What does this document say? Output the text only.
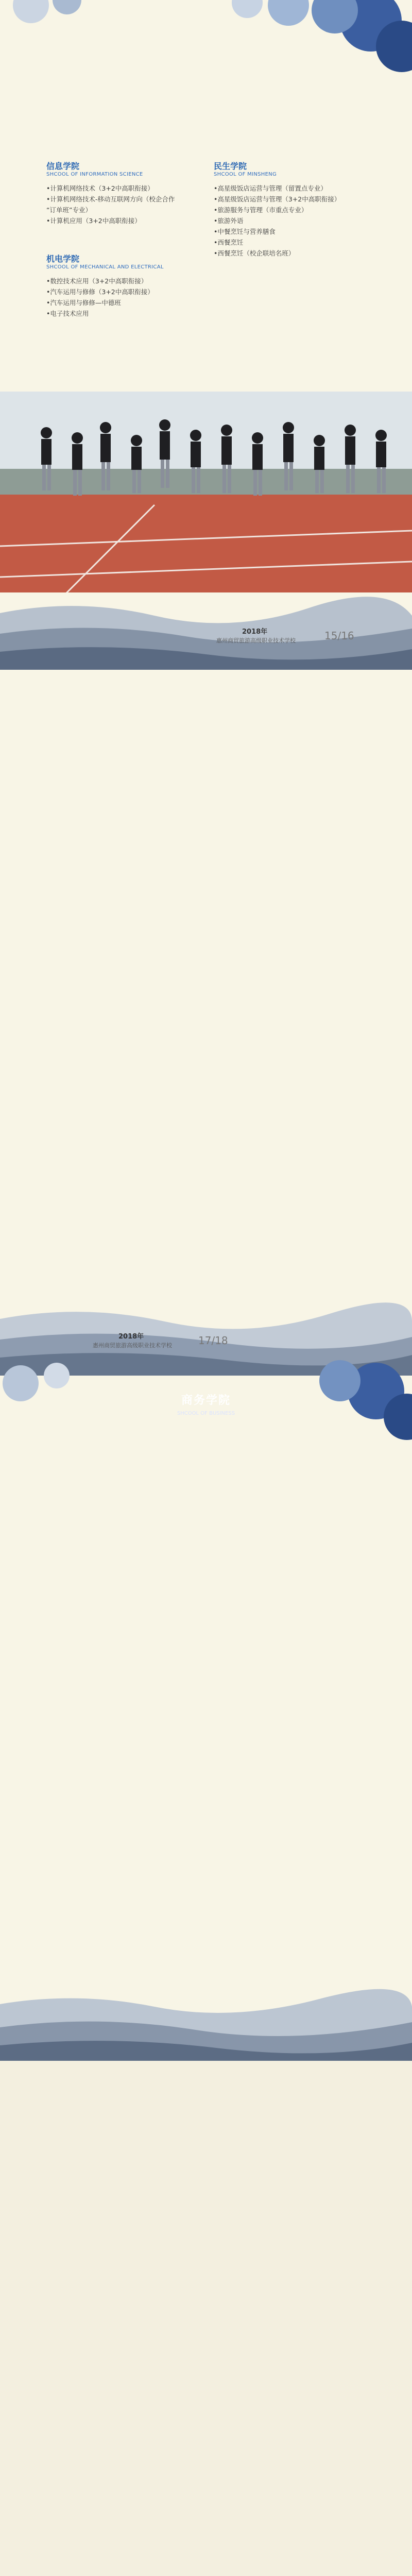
信息学院
SHCOOL OF INFORMATION SCIENCE
•计算机网络技术（3+2中高职衔接）
•计算机网络技术-移动互联网方向（校企合作
“订单班”专业）
•计算机应用（3+2中高职衔接）
机电学院
SHCOOL OF MECHANICAL AND ELECTRICAL
•数控技术应用（3+2中高职衔接）
•汽车运用与修修（3+2中高职衔接）
•汽车运用与修修—中德班
•电子技术应用
民生学院
SHCOOL OF MINSHENG
•高星级饭店运营与管理（留置点专业）
•高星级饭店运营与管理（3+2中高职衔接）
•旅游服务与管理（市重点专业）
•旅游外语
•中餐烹饪与营养膳食
•西餐烹饪
•西餐烹饪（校企联培名班）
2018年
惠州商贸旅游高级职业技术学校	15/16
商务学院
SHCOOL OF BUSINESS

2018年
惠州商贸旅游高级职业技术学校	17/18
